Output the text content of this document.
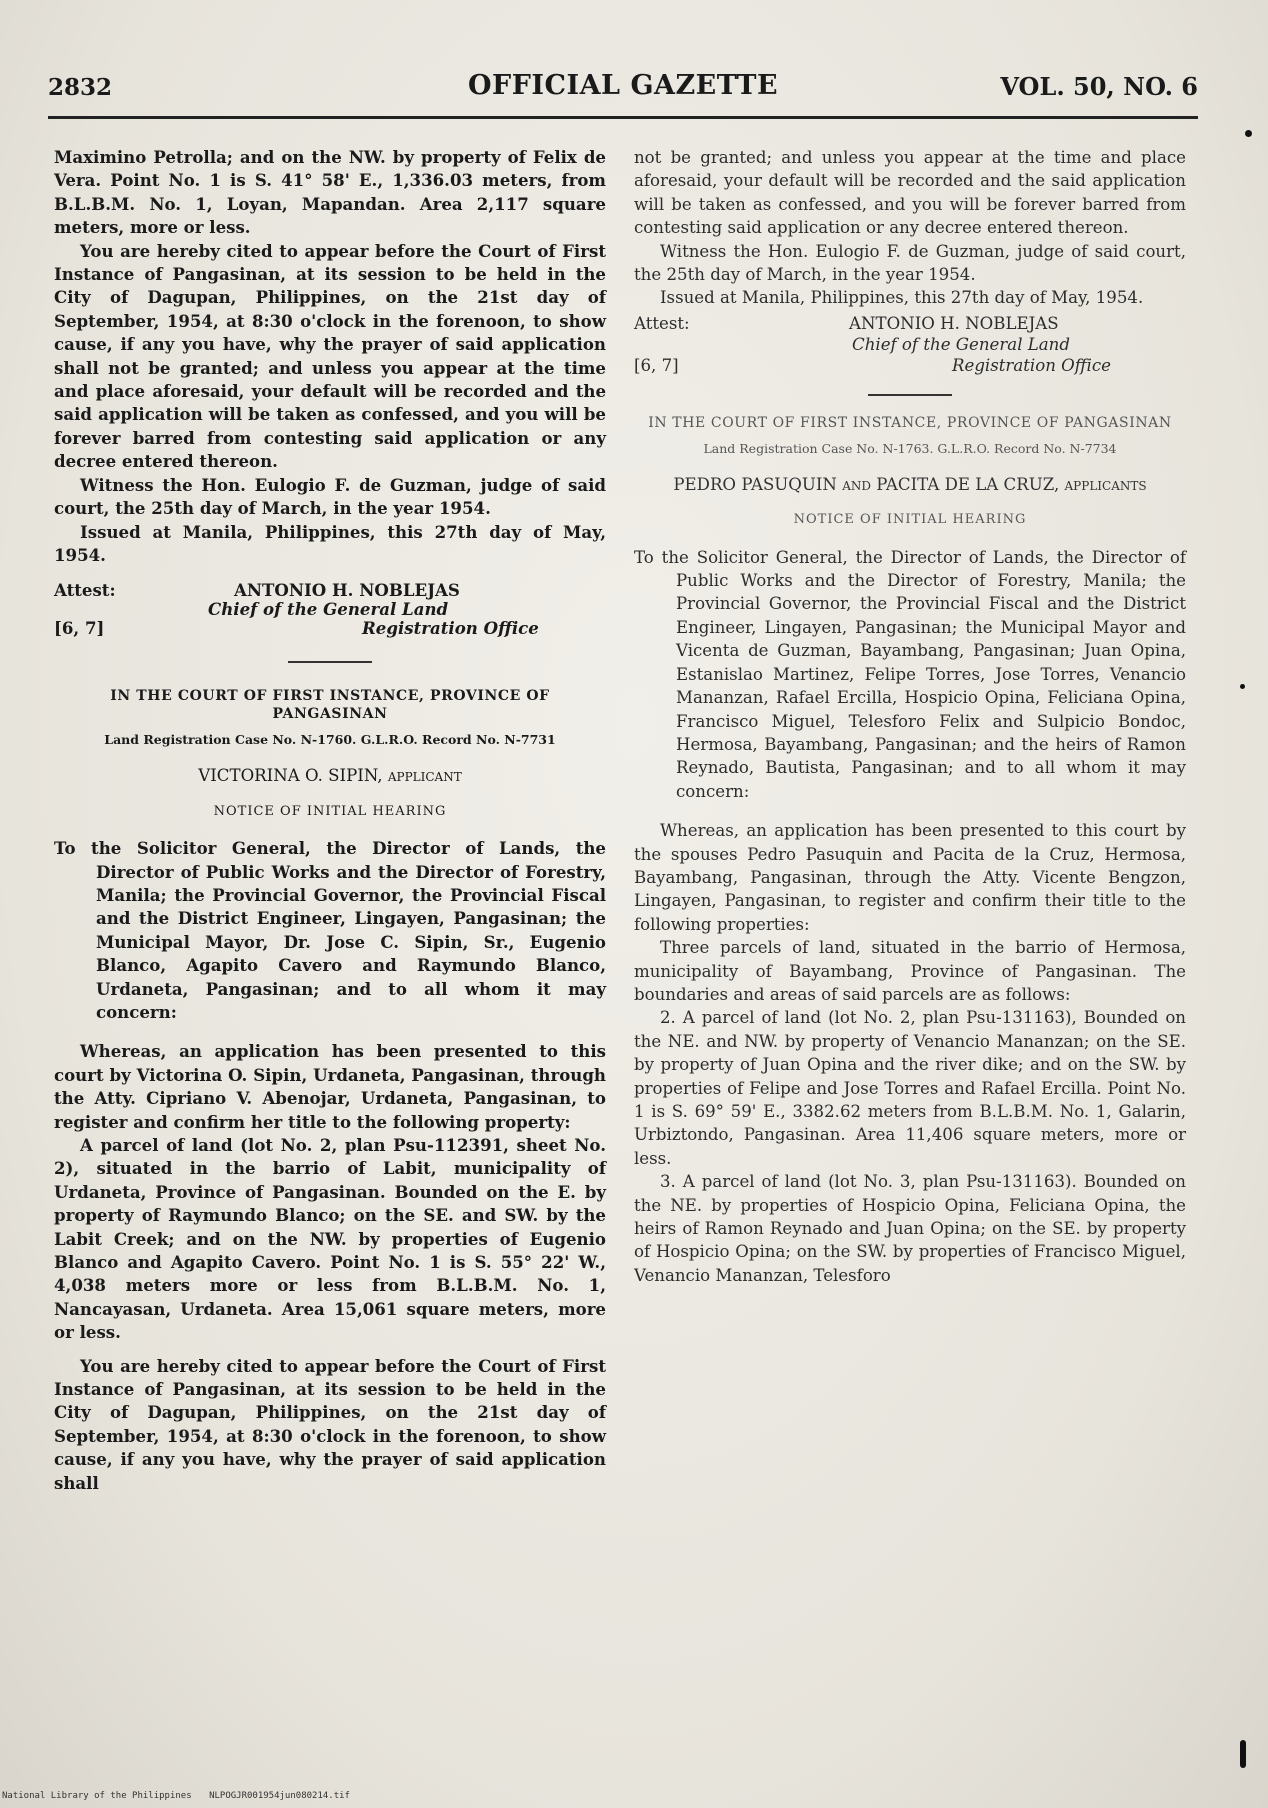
2832	OFFICIAL GAZETTE	VOL. 50, NO. 6

Maximino Petrolla; and on the NW. by property of Felix de Vera. Point No. 1 is S. 41° 58' E., 1,336.03 meters, from B.L.B.M. No. 1, Loyan, Mapandan. Area 2,117 square meters, more or less.

You are hereby cited to appear before the Court of First Instance of Pangasinan, at its session to be held in the City of Dagupan, Philippines, on the 21st day of September, 1954, at 8:30 o'clock in the forenoon, to show cause, if any you have, why the prayer of said application shall not be granted; and unless you appear at the time and place aforesaid, your default will be recorded and the said application will be taken as confessed, and you will be forever barred from contesting said application or any decree entered thereon.

Witness the Hon. Eulogio F. de Guzman, judge of said court, the 25th day of March, in the year 1954.

Issued at Manila, Philippines, this 27th day of May, 1954.

Attest:	ANTONIO H. NOBLEJAS
Chief of the General Land
[6, 7]	Registration Office
IN THE COURT OF FIRST INSTANCE, PROVINCE OF PANGASINAN
Land Registration Case No. N-1760. G.L.R.O. Record No. N-7731
VICTORINA O. SIPIN, applicant
NOTICE OF INITIAL HEARING

To the Solicitor General, the Director of Lands, the Director of Public Works and the Director of Forestry, Manila; the Provincial Governor, the Provincial Fiscal and the District Engineer, Lingayen, Pangasinan; the Municipal Mayor, Dr. Jose C. Sipin, Sr., Eugenio Blanco, Agapito Cavero and Raymundo Blanco, Urdaneta, Pangasinan; and to all whom it may concern:

Whereas, an application has been presented to this court by Victorina O. Sipin, Urdaneta, Pangasinan, through the Atty. Cipriano V. Abenojar, Urdaneta, Pangasinan, to register and confirm her title to the following property:

A parcel of land (lot No. 2, plan Psu-112391, sheet No. 2), situated in the barrio of Labit, municipality of Urdaneta, Province of Pangasinan. Bounded on the E. by property of Raymundo Blanco; on the SE. and SW. by the Labit Creek; and on the NW. by properties of Eugenio Blanco and Agapito Cavero. Point No. 1 is S. 55° 22' W., 4,038 meters more or less from B.L.B.M. No. 1, Nancayasan, Urdaneta. Area 15,061 square meters, more or less.

You are hereby cited to appear before the Court of First Instance of Pangasinan, at its session to be held in the City of Dagupan, Philippines, on the 21st day of September, 1954, at 8:30 o'clock in the forenoon, to show cause, if any you have, why the prayer of said application shall

not be granted; and unless you appear at the time and place aforesaid, your default will be recorded and the said application will be taken as confessed, and you will be forever barred from contesting said application or any decree entered thereon.

Witness the Hon. Eulogio F. de Guzman, judge of said court, the 25th day of March, in the year 1954.

Issued at Manila, Philippines, this 27th day of May, 1954.

Attest:	ANTONIO H. NOBLEJAS
Chief of the General Land
[6, 7]	Registration Office
IN THE COURT OF FIRST INSTANCE, PROVINCE OF PANGASINAN
Land Registration Case No. N-1763. G.L.R.O. Record No. N-7734
PEDRO PASUQUIN and PACITA DE LA CRUZ, applicants
NOTICE OF INITIAL HEARING

To the Solicitor General, the Director of Lands, the Director of Public Works and the Director of Forestry, Manila; the Provincial Governor, the Provincial Fiscal and the District Engineer, Lingayen, Pangasinan; the Municipal Mayor and Vicenta de Guzman, Bayambang, Pangasinan; Juan Opina, Estanislao Martinez, Felipe Torres, Jose Torres, Venancio Mananzan, Rafael Ercilla, Hospicio Opina, Feliciana Opina, Francisco Miguel, Telesforo Felix and Sulpicio Bondoc, Hermosa, Bayambang, Pangasinan; and the heirs of Ramon Reynado, Bautista, Pangasinan; and to all whom it may concern:

Whereas, an application has been presented to this court by the spouses Pedro Pasuquin and Pacita de la Cruz, Hermosa, Bayambang, Pangasinan, through the Atty. Vicente Bengzon, Lingayen, Pangasinan, to register and confirm their title to the following properties:

Three parcels of land, situated in the barrio of Hermosa, municipality of Bayambang, Province of Pangasinan. The boundaries and areas of said parcels are as follows:

2. A parcel of land (lot No. 2, plan Psu-131163), Bounded on the NE. and NW. by property of Venancio Mananzan; on the SE. by property of Juan Opina and the river dike; and on the SW. by properties of Felipe and Jose Torres and Rafael Ercilla. Point No. 1 is S. 69° 59' E., 3382.62 meters from B.L.B.M. No. 1, Galarin, Urbiztondo, Pangasinan. Area 11,406 square meters, more or less.

3. A parcel of land (lot No. 3, plan Psu-131163). Bounded on the NE. by properties of Hospicio Opina, Feliciana Opina, the heirs of Ramon Reynado and Juan Opina; on the SE. by property of Hospicio Opina; on the SW. by properties of Francisco Miguel, Venancio Mananzan, Telesforo

National Library of the Philippines NLPOGJR001954jun080214.tif
